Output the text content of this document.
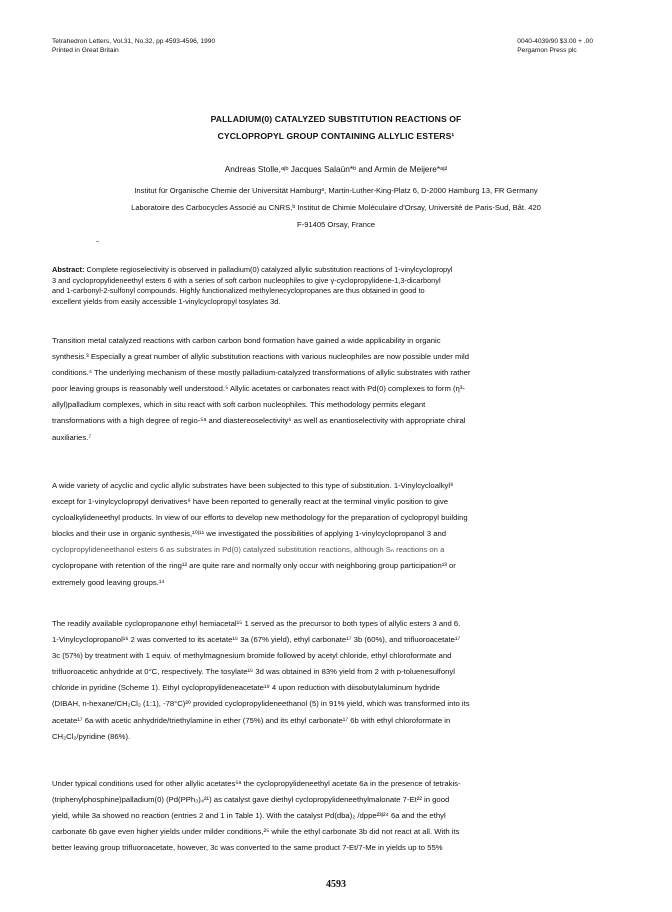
Tetrahedron Letters, Vol.31, No.32, pp 4593-4596, 1990
Printed in Great Britain
0040-4039/90 $3.00 + .00
Pergamon Press plc
PALLADIUM(0) CATALYZED SUBSTITUTION REACTIONS OF
CYCLOPROPYL GROUP CONTAINING ALLYLIC ESTERS¹
Andreas Stolle,ᵃʲᵇ Jacques Salaün*ᵇ and Armin de Meijere*ᵃʲ²
Institut für Organische Chemie der Universität Hamburgᵃ, Martin-Luther-King-Platz 6, D-2000 Hamburg 13, FR Germany
Laboratoire des Carbocycles Associé au CNRS,ᵇ Institut de Chimie Moléculaire d'Orsay, Université de Paris-Sud, Bât. 420
F-91405 Orsay, France
Abstract: Complete regioselectivity is observed in palladium(0) catalyzed allylic substitution reactions of 1-vinylcyclopropyl
3 and cyclopropylideneethyl esters 6 with a series of soft carbon nucleophiles to give γ-cyclopropylidene-1,3-dicarbonyl
and 1-carbonyl-2-sulfonyl compounds. Highly functionalized methylenecyclopropanes are thus obtained in good to
excellent yields from easily accessible 1-vinylcyclopropyl tosylates 3d.
Transition metal catalyzed reactions with carbon carbon bond formation have gained a wide applicability in organic
synthesis.³ Especially a great number of allylic substitution reactions with various nucleophiles are now possible under mild
conditions.⁴ The underlying mechanism of these mostly palladium-catalyzed transformations of allylic substrates with rather
poor leaving groups is reasonably well understood.⁵ Allylic acetates or carbonates react with Pd(0) complexes to form (η³-
allyl)palladium complexes, which in situ react with soft carbon nucleophiles. This methodology permits elegant
transformations with a high degree of regio-⁵ᵃ and diastereoselectivity⁶ as well as enantioselectivity with appropriate chiral
auxiliaries.⁷
A wide variety of acyclic and cyclic allylic substrates have been subjected to this type of substitution. 1-Vinylcycloalkyl⁸
except for 1-vinylcyclopropyl derivatives⁹ have been reported to generally react at the terminal vinylic position to give
cycloalkylideneethyl products. In view of our efforts to develop new methodology for the preparation of cyclopropyl building
blocks and their use in organic synthesis,¹⁰ʲ¹¹ we investigated the possibilities of applying 1-vinylcyclopropanol 3 and
cyclopropylideneethanol esters 6 as substrates in Pd(0) catalyzed substitution reactions, although Sₙ reactions on a
cyclopropane with retention of the ring¹² are quite rare and normally only occur with neighboring group participation¹³ or
extremely good leaving groups.¹⁴
The readily available cyclopropanone ethyl hemiacetal¹⁵ 1 served as the precursor to both types of allylic esters 3 and 6.
1-Vinylcyclopropanol¹⁶ 2 was converted to its acetate¹⁶ 3a (67% yield), ethyl carbonate¹⁷ 3b (60%), and trifluoroacetate¹⁷
3c (57%) by treatment with 1 equiv. of methylmagnesium bromide followed by acetyl chloride, ethyl chloroformate and
trifluoroacetic anhydride at 0°C, respectively. The tosylate¹⁶ 3d was obtained in 83% yield from 2 with p-toluenesulfonyl
chloride in pyridine (Scheme 1). Ethyl cyclopropylideneacetate¹⁹ 4 upon reduction with diisobutylaluminum hydride
(DIBAH, n-hexane/CH₂Cl₂ (1:1), -78°C)²⁰ provided cyclopropylideneethanol (5) in 91% yield, which was transformed into its
acetate¹⁷ 6a with acetic anhydride/triethylamine in ether (75%) and its ethyl carbonate¹⁷ 6b with ethyl chloroformate in
CH₂Cl₂/pyridine (86%).
Under typical conditions used for other allylic acetates⁵ᵃ the cyclopropylideneethyl acetate 6a in the presence of tetrakis-
(triphenylphosphine)palladium(0) (Pd(PPh₃)₄²¹) as catalyst gave diethyl cyclopropylideneethylmalonate 7-Et²² in good
yield, while 3a showed no reaction (entries 2 and 1 in Table 1). With the catalyst Pd(dba)₂ /dppe²³ʲ²⁴ 6a and the ethyl
carbonate 6b gave even higher yields under milder conditions,²⁵ while the ethyl carbonate 3b did not react at all. With its
better leaving group trifluoroacetate, however, 3c was converted to the same product 7-Et/7-Me in yields up to 55%
4593
